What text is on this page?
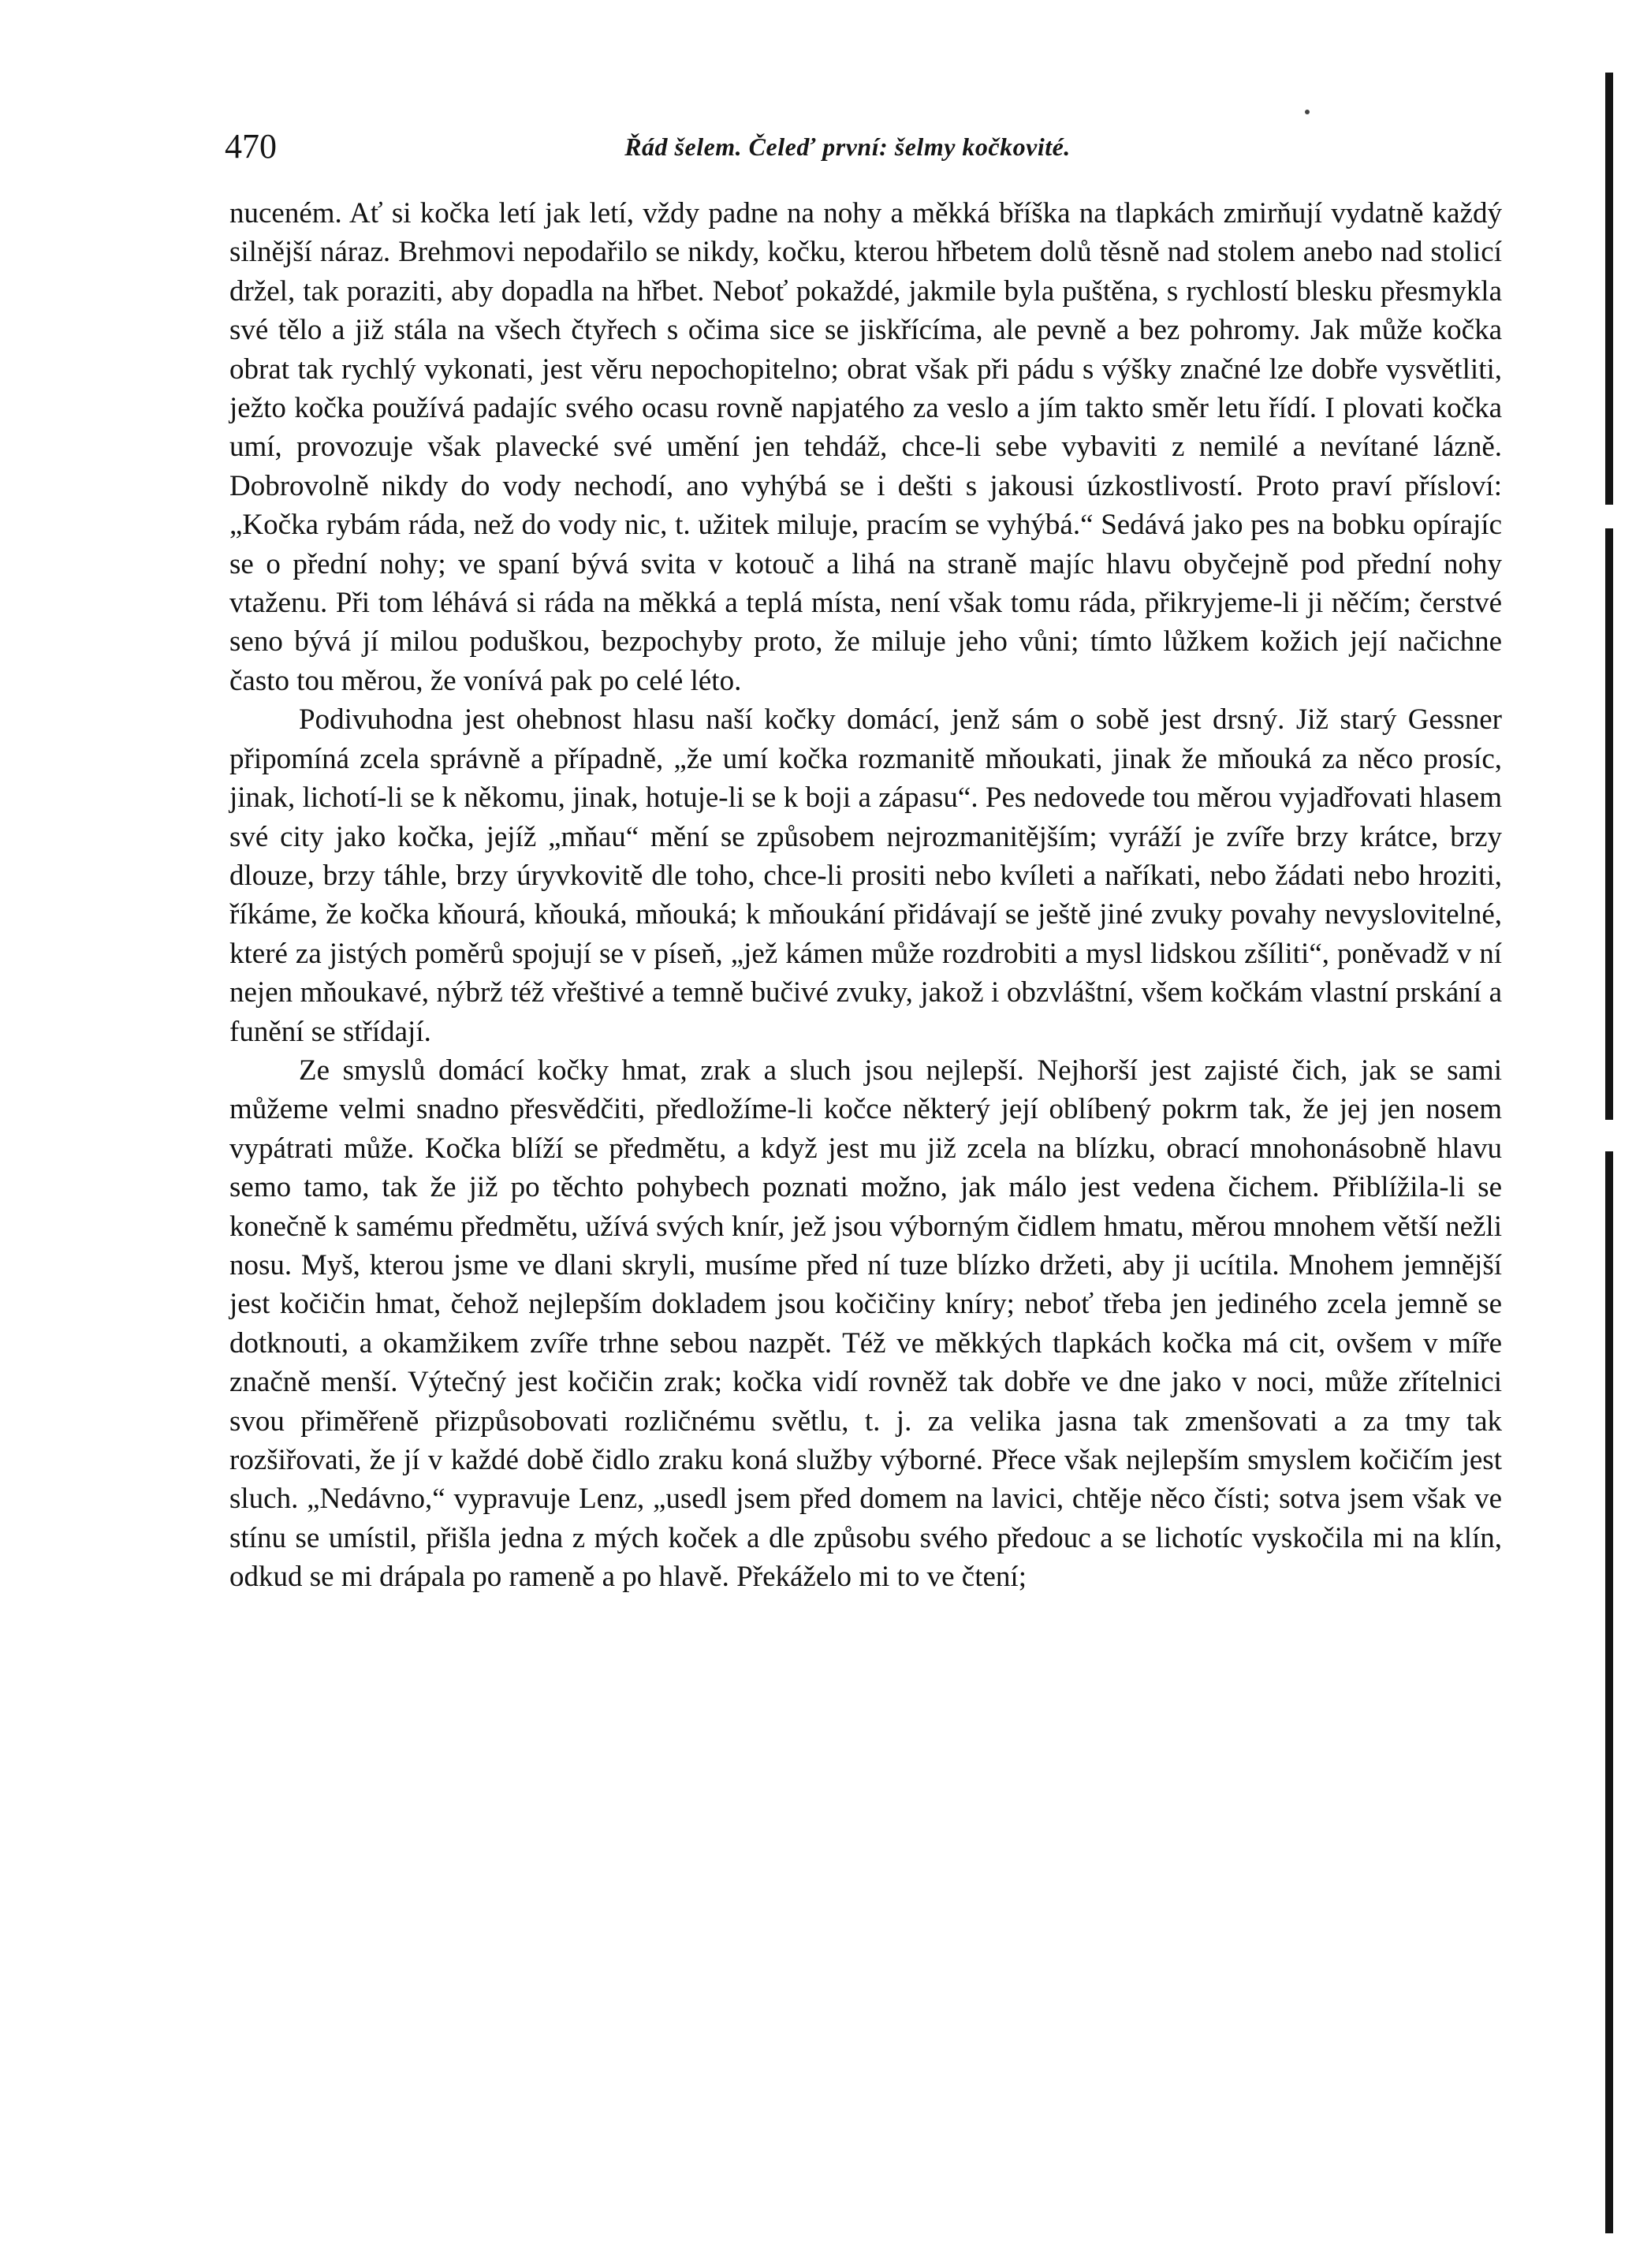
470	Řád šelem. Čeleď první: šelmy kočkovité.

nuceném. Ať si kočka letí jak letí, vždy padne na nohy a měkká bříška na tlapkách zmirňují vydatně každý silnější náraz. Brehmovi nepodařilo se nikdy, kočku, kterou hřbetem dolů těsně nad stolem anebo nad stolicí držel, tak poraziti, aby dopadla na hřbet. Neboť pokaždé, jakmile byla puštěna, s rychlostí blesku přesmykla své tělo a již stála na všech čtyřech s očima sice se jiskřícíma, ale pevně a bez pohromy. Jak může kočka obrat tak rychlý vykonati, jest věru nepochopitelno; obrat však při pádu s výšky značné lze dobře vysvětliti, ježto kočka používá padajíc svého ocasu rovně napjatého za veslo a jím takto směr letu řídí. I plovati kočka umí, provozuje však plavecké své umění jen tehdáž, chce-li sebe vybaviti z nemilé a nevítané lázně. Dobrovolně nikdy do vody nechodí, ano vyhýbá se i dešti s jakousi úzkostlivostí. Proto praví přísloví: „Kočka rybám ráda, než do vody nic, t. užitek miluje, pracím se vyhýbá.“ Sedává jako pes na bobku opírajíc se o přední nohy; ve spaní bývá svita v kotouč a lihá na straně majíc hlavu obyčejně pod přední nohy vtaženu. Při tom léhává si ráda na měkká a teplá místa, není však tomu ráda, přikryjeme-li ji něčím; čerstvé seno bývá jí milou poduškou, bezpochyby proto, že miluje jeho vůni; tímto lůžkem kožich její načichne často tou měrou, že vonívá pak po celé léto.

Podivuhodna jest ohebnost hlasu naší kočky domácí, jenž sám o sobě jest drsný. Již starý Gessner připomíná zcela správně a případně, „že umí kočka rozmanitě mňoukati, jinak že mňouká za něco prosíc, jinak, lichotí-li se k někomu, jinak, hotuje-li se k boji a zápasu“. Pes nedovede tou měrou vyjadřovati hlasem své city jako kočka, jejíž „mňau“ mění se způsobem nejrozmanitějším; vyráží je zvíře brzy krátce, brzy dlouze, brzy táhle, brzy úryvkovitě dle toho, chce-li prositi nebo kvíleti a naříkati, nebo žádati nebo hroziti, říkáme, že kočka kňourá, kňouká, mňouká; k mňoukání přidávají se ještě jiné zvuky povahy nevyslovitelné, které za jistých poměrů spojují se v píseň, „jež kámen může rozdrobiti a mysl lidskou zšíliti“, poněvadž v ní nejen mňoukavé, nýbrž též vřeštivé a temně bučivé zvuky, jakož i obzvláštní, všem kočkám vlastní prskání a funění se střídají.

Ze smyslů domácí kočky hmat, zrak a sluch jsou nejlepší. Nejhorší jest zajisté čich, jak se sami můžeme velmi snadno přesvědčiti, předložíme-li kočce některý její oblíbený pokrm tak, že jej jen nosem vypátrati může. Kočka blíží se předmětu, a když jest mu již zcela na blízku, obrací mnohonásobně hlavu semo tamo, tak že již po těchto pohybech poznati možno, jak málo jest vedena čichem. Přiblížila-li se konečně k samému předmětu, užívá svých knír, jež jsou výborným čidlem hmatu, měrou mnohem větší nežli nosu. Myš, kterou jsme ve dlani skryli, musíme před ní tuze blízko držeti, aby ji ucítila. Mnohem jemnější jest kočičin hmat, čehož nejlepším dokladem jsou kočičiny kníry; neboť třeba jen jediného zcela jemně se dotknouti, a okamžikem zvíře trhne sebou nazpět. Též ve měkkých tlapkách kočka má cit, ovšem v míře značně menší. Výtečný jest kočičin zrak; kočka vidí rovněž tak dobře ve dne jako v noci, může zřítelnici svou přiměřeně přizpůsobovati rozličnému světlu, t. j. za velika jasna tak zmenšovati a za tmy tak rozšiřovati, že jí v každé době čidlo zraku koná služby výborné. Přece však nejlepším smyslem kočičím jest sluch. „Nedávno,“ vypravuje Lenz, „usedl jsem před domem na lavici, chtěje něco čísti; sotva jsem však ve stínu se umístil, přišla jedna z mých koček a dle způsobu svého předouc a se lichotíc vyskočila mi na klín, odkud se mi drápala po rameně a po hlavě. Překáželo mi to ve čtení;
